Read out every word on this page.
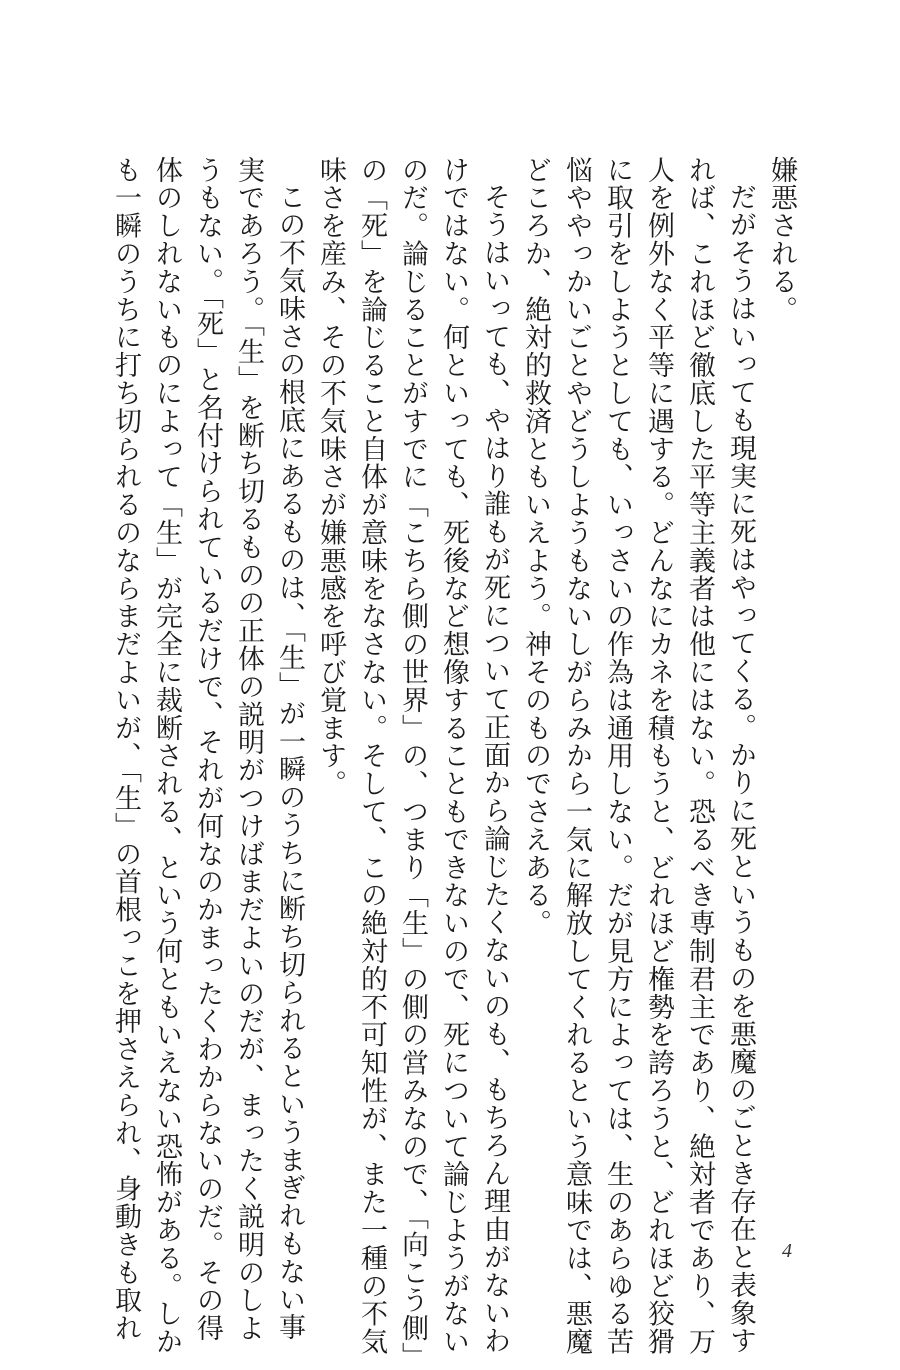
嫌悪される。
だがそうはいっても現実に死はやってくる。かりに死というものを悪魔のごとき存在と表象す
れば、これほど徹底した平等主義者は他にはない。恐るべき専制君主であり、絶対者であり、万
人を例外なく平等に遇する。どんなにカネを積もうと、どれほど権勢を誇ろうと、どれほど狡猾
に取引をしようとしても、いっさいの作為は通用しない。だが見方によっては、生のあらゆる苦
悩ややっかいごとやどうしようもないしがらみから一気に解放してくれるという意味では、悪魔
どころか、絶対的救済ともいえよう。神そのものでさえある。
そうはいっても、やはり誰もが死について正面から論じたくないのも、もちろん理由がないわ
けではない。何といっても、死後など想像することもできないので、死について論じようがない
のだ。論じることがすでに「こちら側の世界」の、つまり「生」の側の営みなので、「向こう側」
の「死」を論じること自体が意味をなさない。そして、この絶対的不可知性が、また一種の不気
味さを産み、その不気味さが嫌悪感を呼び覚ます。
この不気味さの根底にあるものは、「生」が一瞬のうちに断ち切られるというまぎれもない事
実であろう。「生」を断ち切るものの正体の説明がつけばまだよいのだが、まったく説明のしよ
うもない。「死」と名付けられているだけで、それが何なのかまったくわからないのだ。その得
体のしれないものによって「生」が完全に裁断される、という何ともいえない恐怖がある。しか
も一瞬のうちに打ち切られるのならまだよいが、「生」の首根っこを押さえられ、身動きも取れ	4
